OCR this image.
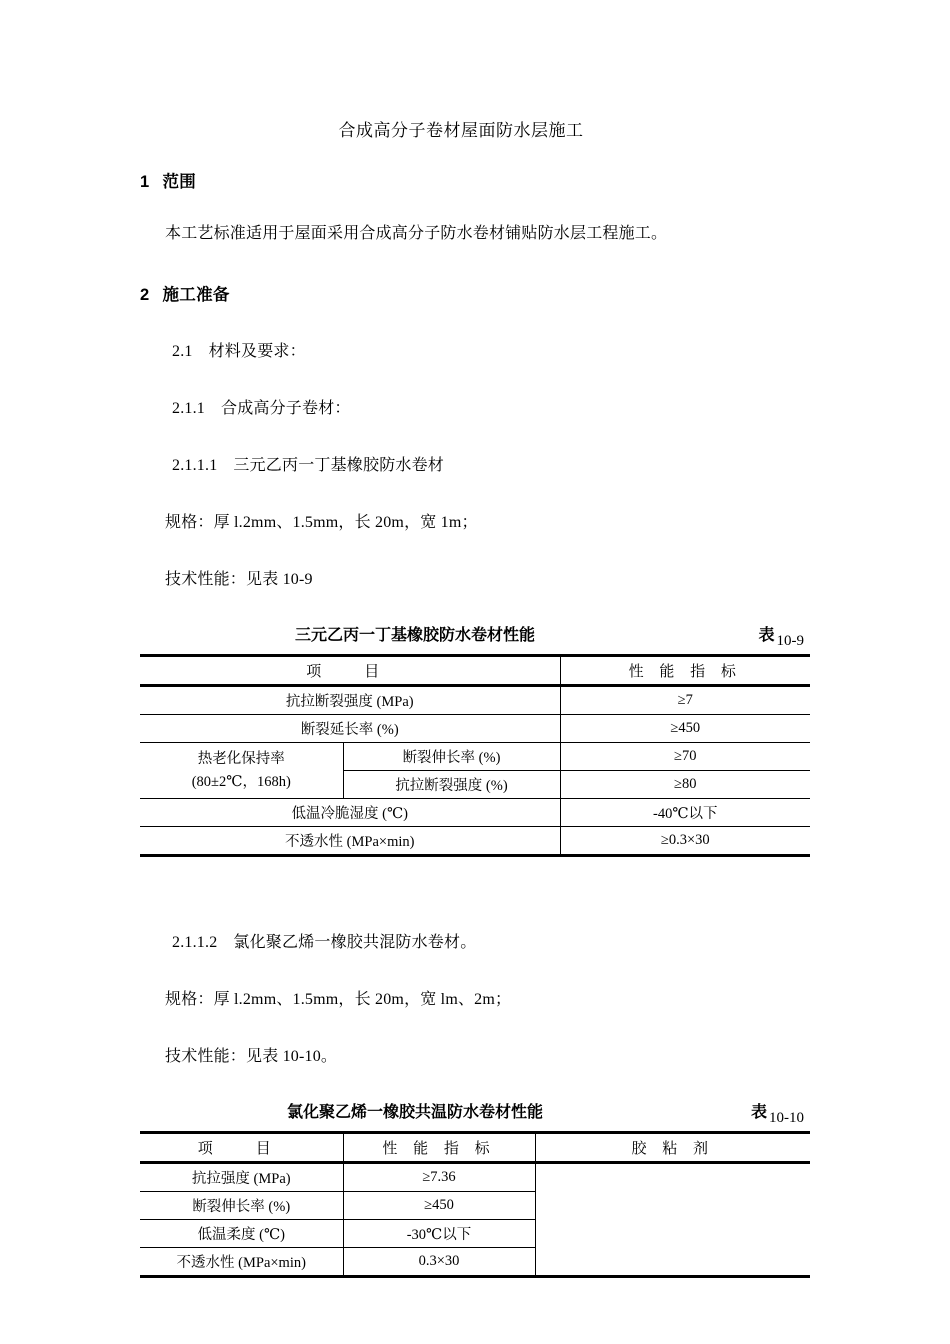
合成高分子卷材屋面防水层施工
1 范围
本工艺标准适用于屋面采用合成高分子防水卷材铺贴防水层工程施工。
2 施工准备
2.1 材料及要求：
2.1.1 合成高分子卷材：
2.1.1.1 三元乙丙一丁基橡胶防水卷材
规格：厚 l.2mm、1.5mm，长 20m，宽 1m；
技术性能：见表 10-9
三元乙丙一丁基橡胶防水卷材性能	表 10-9
项　目		性 能 指 标
抗拉断裂强度 (MPa)		≥7
断裂延长率 (%)		≥450
热老化保持率
(80±2℃，168h)	断裂伸长率 (%)	≥70
	抗拉断裂强度 (%)	≥80
低温冷脆湿度 (℃)		-40℃以下
不透水性 (MPa×min)		≥0.3×30
2.1.1.2 氯化聚乙烯一橡胶共混防水卷材。
规格：厚 l.2mm、1.5mm，长 20m，宽 lm、2m；
技术性能：见表 10-10。
氯化聚乙烯一橡胶共温防水卷材性能	表 10-10
项　目	性 能 指 标	胶 粘 剂
抗拉强度 (MPa)	≥7.36	
断裂伸长率 (%)	≥450	
低温柔度 (℃)	-30℃以下	
不透水性 (MPa×min)	0.3×30	
